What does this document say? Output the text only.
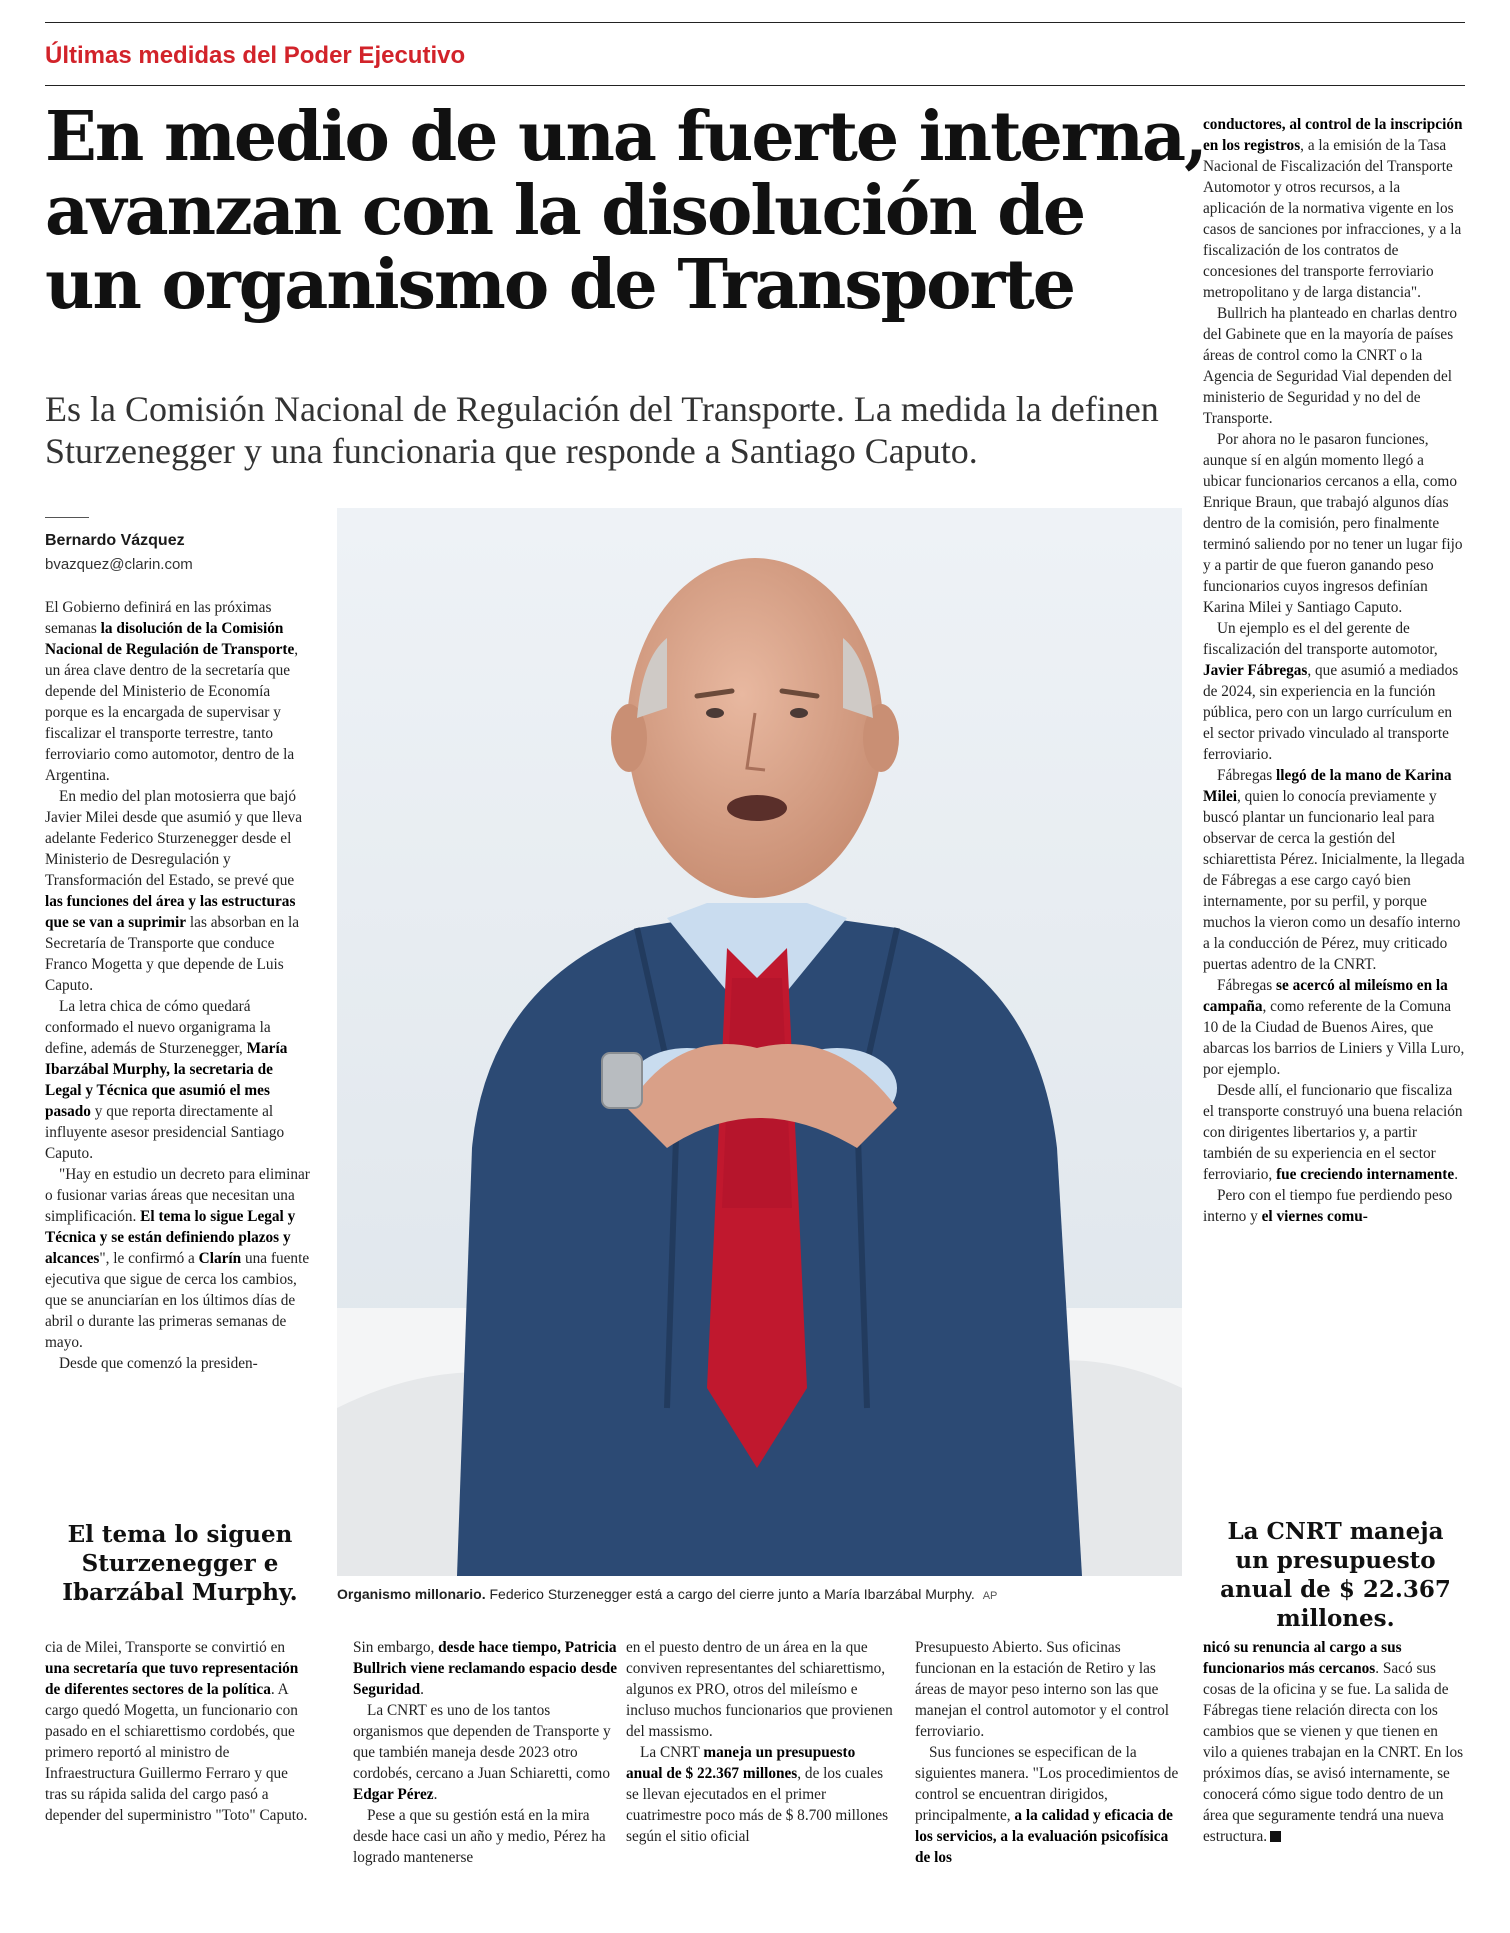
Últimas medidas del Poder Ejecutivo
En medio de una fuerte interna,
avanzan con la disolución de
un organismo de Transporte
Es la Comisión Nacional de Regulación del Transporte. La medida la definen
Sturzenegger y una funcionaria que responde a Santiago Caputo.
Bernardo Vázquez
bvazquez@clarin.com

El Gobierno definirá en las próximas semanas la disolución de la Comisión Nacional de Regulación de Transporte, un área clave dentro de la secretaría que depende del Ministerio de Economía porque es la encargada de supervisar y fiscalizar el transporte terrestre, tanto ferroviario como automotor, dentro de la Argentina.

En medio del plan motosierra que bajó Javier Milei desde que asumió y que lleva adelante Federico Sturzenegger desde el Ministerio de Desregulación y Transformación del Estado, se prevé que las funciones del área y las estructuras que se van a suprimir las absorban en la Secretaría de Transporte que conduce Franco Mogetta y que depende de Luis Caputo.

La letra chica de cómo quedará conformado el nuevo organigrama la define, además de Sturzenegger, María Ibarzábal Murphy, la secretaria de Legal y Técnica que asumió el mes pasado y que reporta directamente al influyente asesor presidencial Santiago Caputo.

"Hay en estudio un decreto para eliminar o fusionar varias áreas que necesitan una simplificación. El tema lo sigue Legal y Técnica y se están definiendo plazos y alcances", le confirmó a Clarín una fuente ejecutiva que sigue de cerca los cambios, que se anunciarían en los últimos días de abril o durante las primeras semanas de mayo.

Desde que comenzó la presiden-

El tema lo siguen Sturzenegger e Ibarzábal Murphy.	Organismo millonario. Federico Sturzenegger está a cargo del cierre junto a María Ibarzábal Murphy. AP

conductores, al control de la inscripción en los registros, a la emisión de la Tasa Nacional de Fiscalización del Transporte Automotor y otros recursos, a la aplicación de la normativa vigente en los casos de sanciones por infracciones, y a la fiscalización de los contratos de concesiones del transporte ferroviario metropolitano y de larga distancia".

Bullrich ha planteado en charlas dentro del Gabinete que en la mayoría de países áreas de control como la CNRT o la Agencia de Seguridad Vial dependen del ministerio de Seguridad y no del de Transporte.

Por ahora no le pasaron funciones, aunque sí en algún momento llegó a ubicar funcionarios cercanos a ella, como Enrique Braun, que trabajó algunos días dentro de la comisión, pero finalmente terminó saliendo por no tener un lugar fijo y a partir de que fueron ganando peso funcionarios cuyos ingresos definían Karina Milei y Santiago Caputo.

Un ejemplo es el del gerente de fiscalización del transporte automotor, Javier Fábregas, que asumió a mediados de 2024, sin experiencia en la función pública, pero con un largo currículum en el sector privado vinculado al transporte ferroviario.

Fábregas llegó de la mano de Karina Milei, quien lo conocía previamente y buscó plantar un funcionario leal para observar de cerca la gestión del schiarettista Pérez. Inicialmente, la llegada de Fábregas a ese cargo cayó bien internamente, por su perfil, y porque muchos la vieron como un desafío interno a la conducción de Pérez, muy criticado puertas adentro de la CNRT.

Fábregas se acercó al mileísmo en la campaña, como referente de la Comuna 10 de la Ciudad de Buenos Aires, que abarcas los barrios de Liniers y Villa Luro, por ejemplo.

Desde allí, el funcionario que fiscaliza el transporte construyó una buena relación con dirigentes libertarios y, a partir también de su experiencia en el sector ferroviario, fue creciendo internamente.

Pero con el tiempo fue perdiendo peso interno y el viernes comu-

La CNRT maneja un presupuesto anual de $ 22.367 millones.

cia de Milei, Transporte se convirtió en una secretaría que tuvo representación de diferentes sectores de la política. A cargo quedó Mogetta, un funcionario con pasado en el schiarettismo cordobés, que primero reportó al ministro de Infraestructura Guillermo Ferraro y que tras su rápida salida del cargo pasó a depender del superministro "Toto" Caputo.

Sin embargo, desde hace tiempo, Patricia Bullrich viene reclamando espacio desde Seguridad.

La CNRT es uno de los tantos organismos que dependen de Transporte y que también maneja desde 2023 otro cordobés, cercano a Juan Schiaretti, como Edgar Pérez.

Pese a que su gestión está en la mira desde hace casi un año y medio, Pérez ha logrado mantenerse

en el puesto dentro de un área en la que conviven representantes del schiarettismo, algunos ex PRO, otros del mileísmo e incluso muchos funcionarios que provienen del massismo.

La CNRT maneja un presupuesto anual de $ 22.367 millones, de los cuales se llevan ejecutados en el primer cuatrimestre poco más de $ 8.700 millones según el sitio oficial

Presupuesto Abierto. Sus oficinas funcionan en la estación de Retiro y las áreas de mayor peso interno son las que manejan el control automotor y el control ferroviario.

Sus funciones se especifican de la siguientes manera. "Los procedimientos de control se encuentran dirigidos, principalmente, a la calidad y eficacia de los servicios, a la evaluación psicofísica de los

nicó su renuncia al cargo a sus funcionarios más cercanos. Sacó sus cosas de la oficina y se fue. La salida de Fábregas tiene relación directa con los cambios que se vienen y que tienen en vilo a quienes trabajan en la CNRT. En los próximos días, se avisó internamente, se conocerá cómo sigue todo dentro de un área que seguramente tendrá una nueva estructura.
